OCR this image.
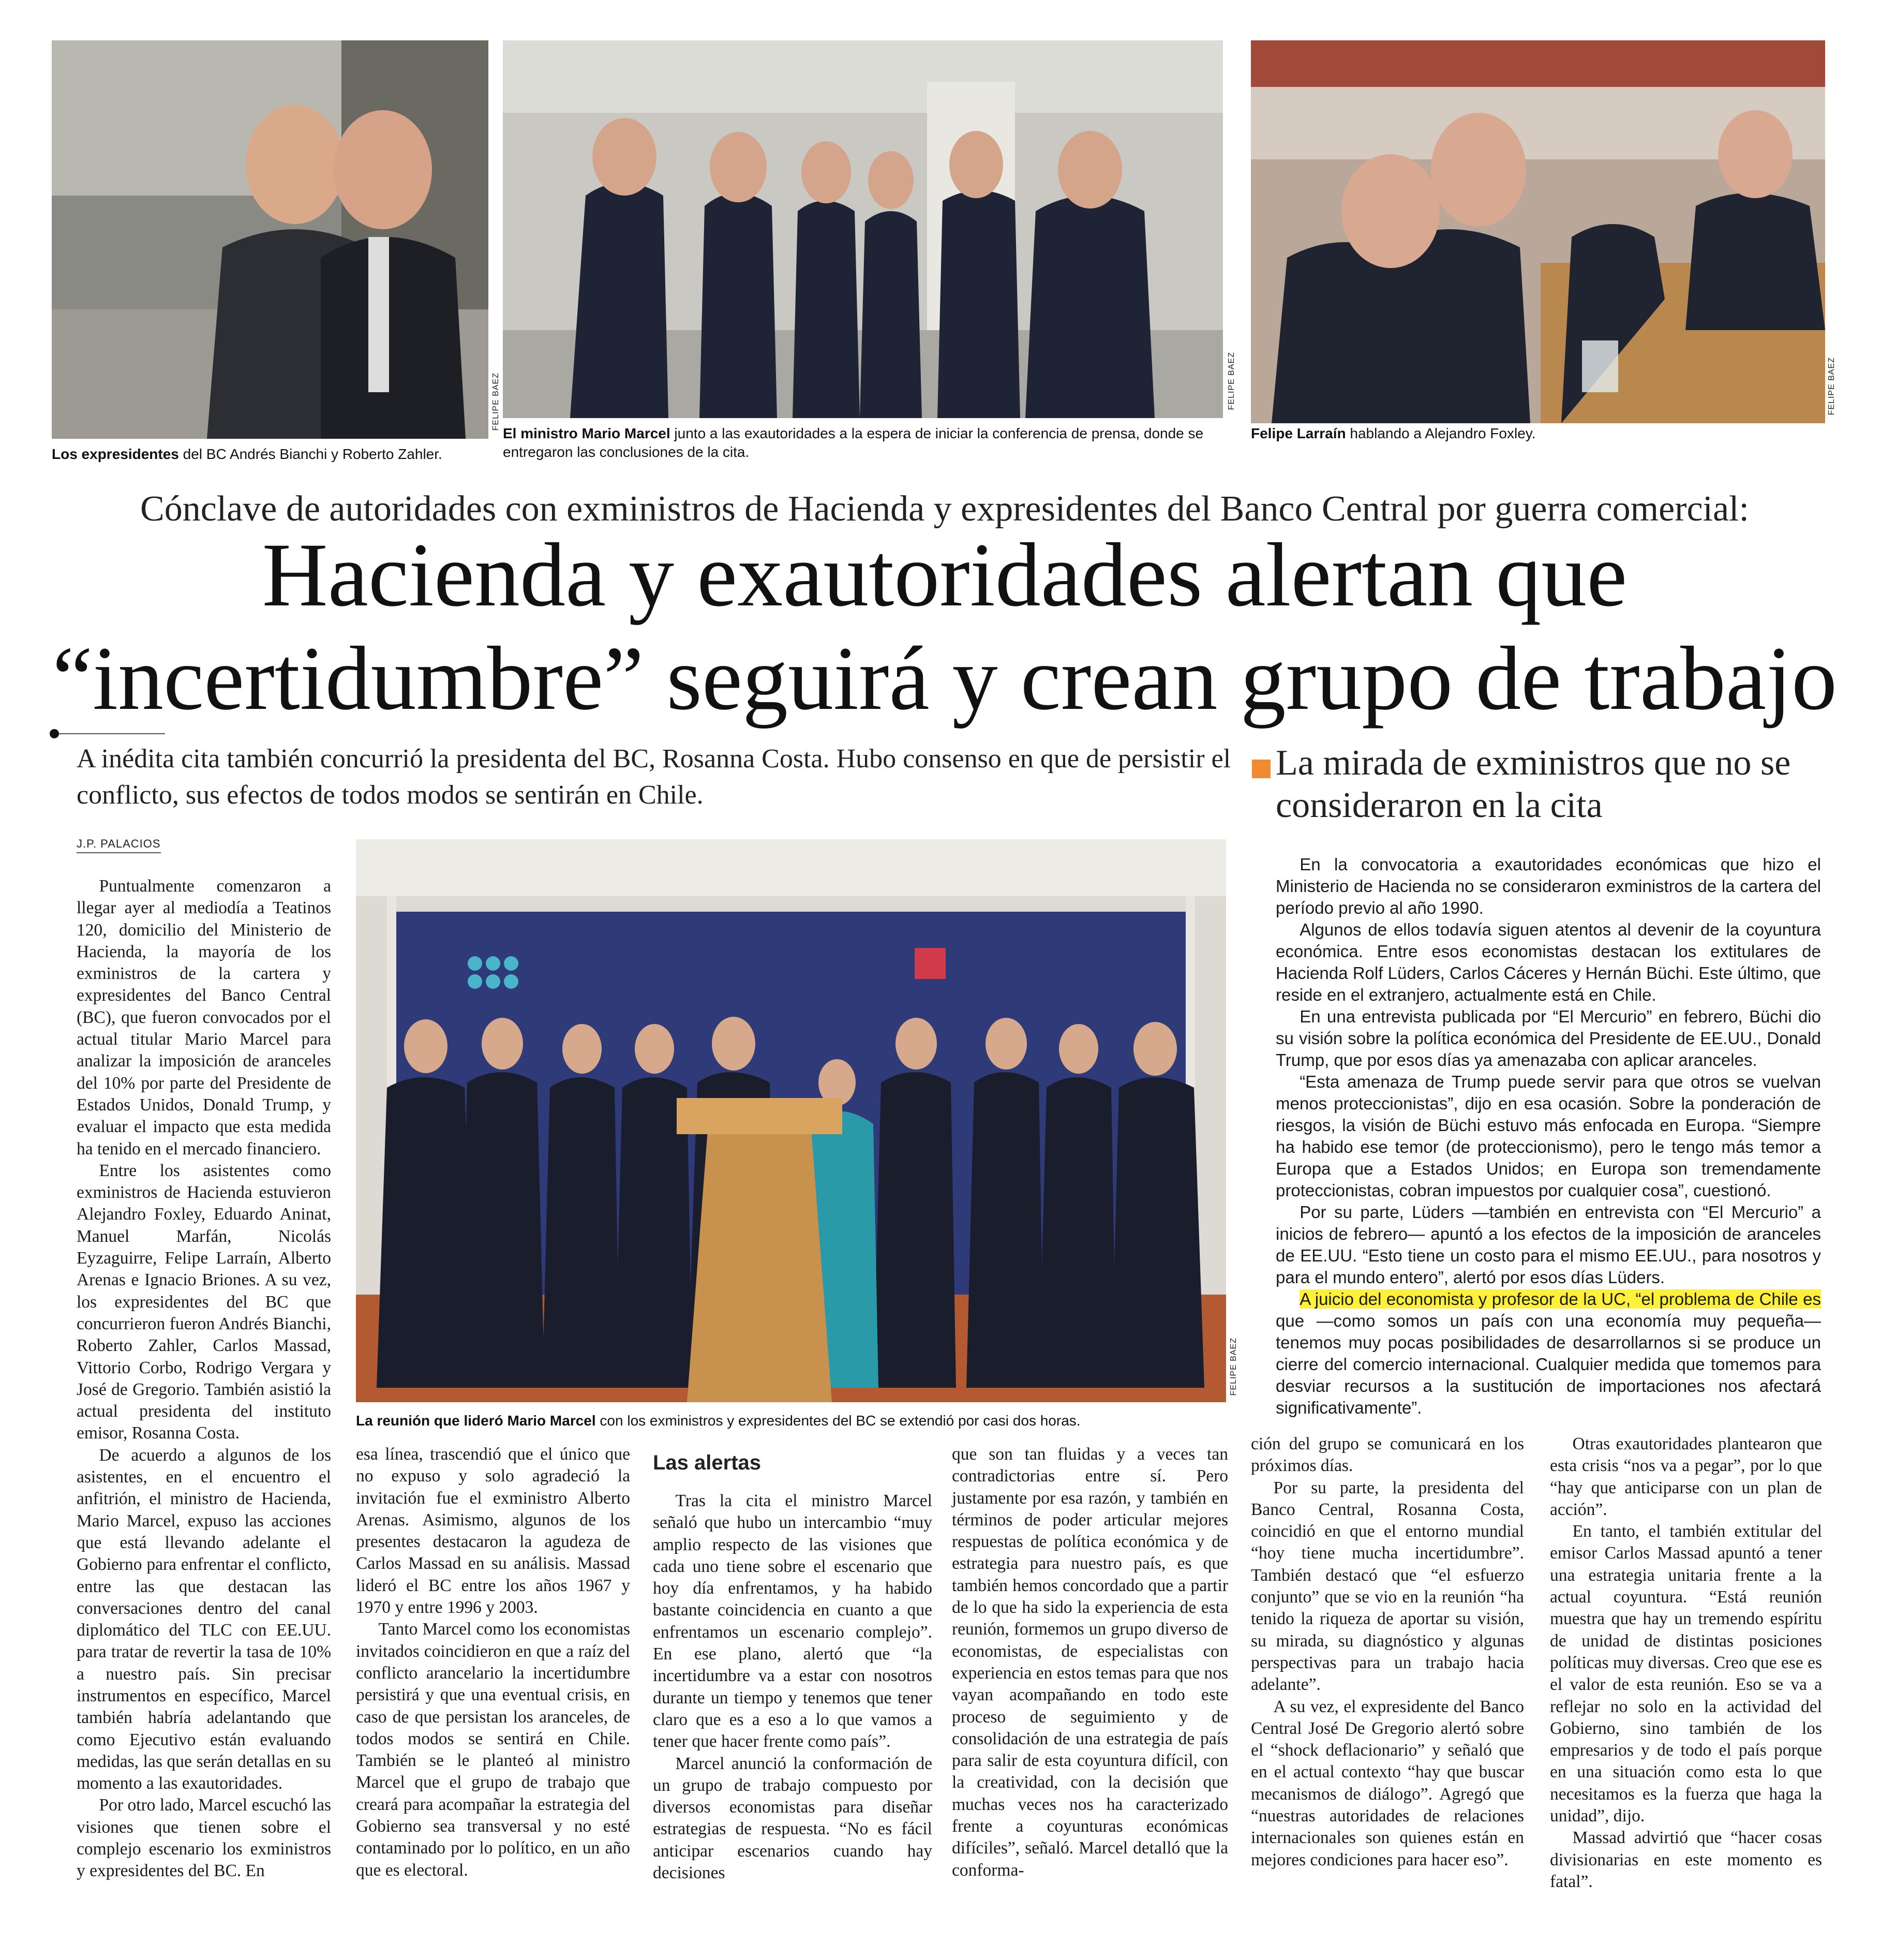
FELIPE BAEZ
Los expresidentes del BC Andrés Bianchi y Roberto Zahler.
FELIPE BAEZ
El ministro Mario Marcel junto a las exautoridades a la espera de iniciar la conferencia de prensa, donde se entregaron las conclusiones de la cita.
FELIPE BAEZ
Felipe Larraín hablando a Alejandro Foxley.
Cónclave de autoridades con exministros de Hacienda y expresidentes del Banco Central por guerra comercial:
Hacienda y exautoridades alertan que
“incertidumbre” seguirá y crean grupo de trabajo
A inédita cita también concurrió la presidenta del BC, Rosanna Costa. Hubo consenso en que de persistir el conflicto, sus efectos de todos modos se sentirán en Chile.
J.P. PALACIOS
FELIPE BAEZ
La reunión que lideró Mario Marcel con los exministros y expresidentes del BC se extendió por casi dos horas.

Puntualmente comenzaron a llegar ayer al mediodía a Teatinos 120, domicilio del Ministerio de Hacienda, la mayoría de los exministros de la cartera y expresidentes del Banco Central (BC), que fueron convocados por el actual titular Mario Marcel para analizar la imposición de aranceles del 10% por parte del Presidente de Estados Unidos, Donald Trump, y evaluar el impacto que esta medida ha tenido en el mercado financiero.

Entre los asistentes como exministros de Hacienda estuvieron Alejandro Foxley, Eduardo Aninat, Manuel Marfán, Nicolás Eyzaguirre, Felipe Larraín, Alberto Arenas e Ignacio Briones. A su vez, los expresidentes del BC que concurrieron fueron Andrés Bianchi, Roberto Zahler, Carlos Massad, Vittorio Corbo, Rodrigo Vergara y José de Gregorio. También asistió la actual presidenta del instituto emisor, Rosanna Costa.

De acuerdo a algunos de los asistentes, en el encuentro el anfitrión, el ministro de Hacienda, Mario Marcel, expuso las acciones que está llevando adelante el Gobierno para enfrentar el conflicto, entre las que destacan las conversaciones dentro del canal diplomático del TLC con EE.UU. para tratar de revertir la tasa de 10% a nuestro país. Sin precisar instrumentos en específico, Marcel también habría adelantando que como Ejecutivo están evaluando medidas, las que serán detallas en su momento a las exautoridades.

Por otro lado, Marcel escuchó las visiones que tienen sobre el complejo escenario los exministros y expresidentes del BC. En

esa línea, trascendió que el único que no expuso y solo agradeció la invitación fue el exministro Alberto Arenas. Asimismo, algunos de los presentes destacaron la agudeza de Carlos Massad en su análisis. Massad lideró el BC entre los años 1967 y 1970 y entre 1996 y 2003.

Tanto Marcel como los economistas invitados coincidieron en que a raíz del conflicto arancelario la incertidumbre persistirá y que una eventual crisis, en caso de que persistan los aranceles, de todos modos se sentirá en Chile. También se le planteó al ministro Marcel que el grupo de trabajo que creará para acompañar la estrategia del Gobierno sea transversal y no esté contaminado por lo político, en un año que es electoral.

Las alertas

Tras la cita el ministro Marcel señaló que hubo un intercambio “muy amplio respecto de las visiones que cada uno tiene sobre el escenario que hoy día enfrentamos, y ha habido bastante coincidencia en cuanto a que enfrentamos un escenario complejo”. En ese plano, alertó que “la incertidumbre va a estar con nosotros durante un tiempo y tenemos que tener claro que es a eso a lo que vamos a tener que hacer frente como país”.

Marcel anunció la conformación de un grupo de trabajo compuesto por diversos economistas para diseñar estrategias de respuesta. “No es fácil anticipar escenarios cuando hay decisiones

que son tan fluidas y a veces tan contradictorias entre sí. Pero justamente por esa razón, y también en términos de poder articular mejores respuestas de política económica y de estrategia para nuestro país, es que también hemos concordado que a partir de lo que ha sido la experiencia de esta reunión, formemos un grupo diverso de economistas, de especialistas con experiencia en estos temas para que nos vayan acompañando en todo este proceso de seguimiento y de consolidación de una estrategia de país para salir de esta coyuntura difícil, con la creatividad, con la decisión que muchas veces nos ha caracterizado frente a coyunturas económicas difíciles”, señaló. Marcel detalló que la conforma-

ción del grupo se comunicará en los próximos días.

Por su parte, la presidenta del Banco Central, Rosanna Costa, coincidió en que el entorno mundial “hoy tiene mucha incertidumbre”. También destacó que “el esfuerzo conjunto” que se vio en la reunión “ha tenido la riqueza de aportar su visión, su mirada, su diagnóstico y algunas perspectivas para un trabajo hacia adelante”.

A su vez, el expresidente del Banco Central José De Gregorio alertó sobre el “shock deflacionario” y señaló que en el actual contexto “hay que buscar mecanismos de diálogo”. Agregó que “nuestras autoridades de relaciones internacionales son quienes están en mejores condiciones para hacer eso”.

Otras exautoridades plantearon que esta crisis “nos va a pegar”, por lo que “hay que anticiparse con un plan de acción”.

En tanto, el también extitular del emisor Carlos Massad apuntó a tener una estrategia unitaria frente a la actual coyuntura. “Está reunión muestra que hay un tremendo espíritu de unidad de distintas posiciones políticas muy diversas. Creo que ese es el valor de esta reunión. Eso se va a reflejar no solo en la actividad del Gobierno, sino también de los empresarios y de todo el país porque en una situación como esta lo que necesitamos es la fuerza que haga la unidad”, dijo.

Massad advirtió que “hacer cosas divisionarias en este momento es fatal”.

La mirada de exministros que no se consideraron en la cita

En la convocatoria a exautoridades económicas que hizo el Ministerio de Hacienda no se consideraron exministros de la cartera del período previo al año 1990.

Algunos de ellos todavía siguen atentos al devenir de la coyuntura económica. Entre esos economistas destacan los extitulares de Hacienda Rolf Lüders, Carlos Cáceres y Hernán Büchi. Este último, que reside en el extranjero, actualmente está en Chile.

En una entrevista publicada por “El Mercurio” en febrero, Büchi dio su visión sobre la política económica del Presidente de EE.UU., Donald Trump, que por esos días ya amenazaba con aplicar aranceles.

“Esta amenaza de Trump puede servir para que otros se vuelvan menos proteccionistas”, dijo en esa ocasión. Sobre la ponderación de riesgos, la visión de Büchi estuvo más enfocada en Europa. “Siempre ha habido ese temor (de proteccionismo), pero le tengo más temor a Europa que a Estados Unidos; en Europa son tremendamente proteccionistas, cobran impuestos por cualquier cosa”, cuestionó.

Por su parte, Lüders —también en entrevista con “El Mercurio” a inicios de febrero— apuntó a los efectos de la imposición de aranceles de EE.UU. “Esto tiene un costo para el mismo EE.UU., para nosotros y para el mundo entero”, alertó por esos días Lüders.

A juicio del economista y profesor de la UC, “el problema de Chile es que —como somos un país con una economía muy pequeña— tenemos muy pocas posibilidades de desarrollarnos si se produce un cierre del comercio internacional. Cualquier medida que tomemos para desviar recursos a la sustitución de importaciones nos afectará significativamente”.
